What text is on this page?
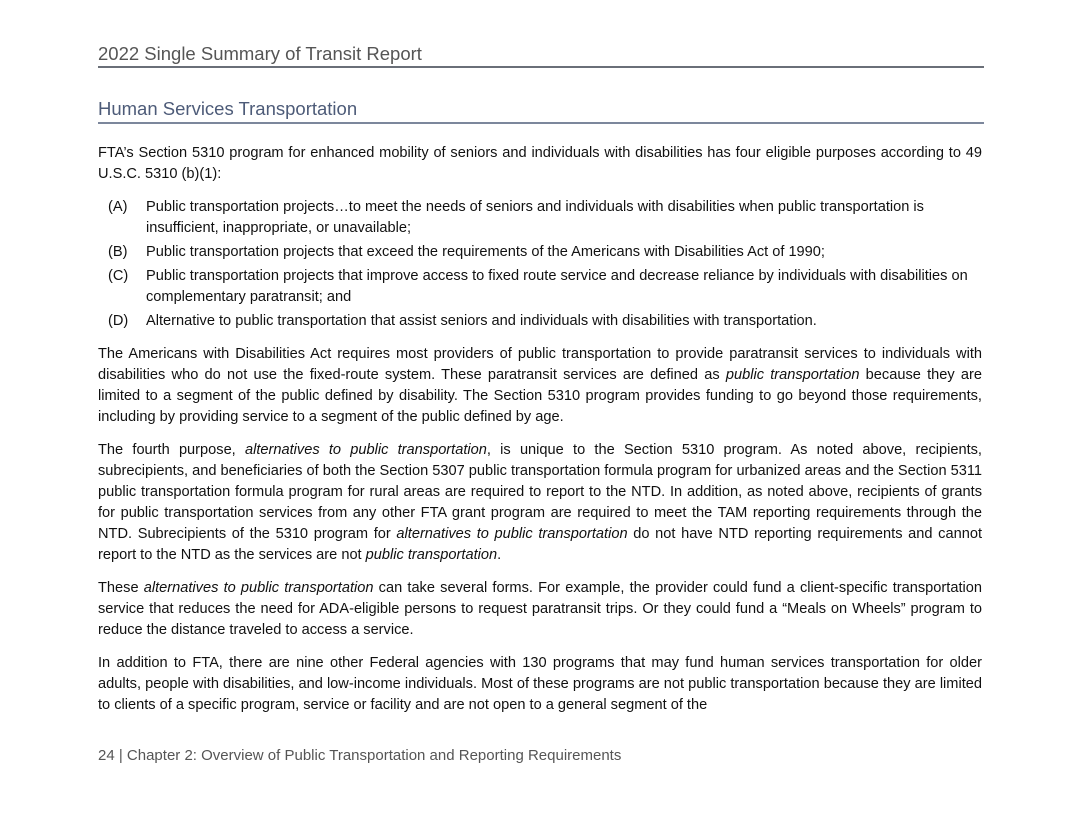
2022 Single Summary of Transit Report
Human Services Transportation

FTA’s Section 5310 program for enhanced mobility of seniors and individuals with disabilities has four eligible purposes according to 49 U.S.C. 5310 (b)(1):

(A)	Public transportation projects…to meet the needs of seniors and individuals with disabilities when public transportation is insufficient, inappropriate, or unavailable;
(B)	Public transportation projects that exceed the requirements of the Americans with Disabilities Act of 1990;
(C)	Public transportation projects that improve access to fixed route service and decrease reliance by individuals with disabilities on complementary paratransit; and
(D)	Alternative to public transportation that assist seniors and individuals with disabilities with transportation.

The Americans with Disabilities Act requires most providers of public transportation to provide paratransit services to individuals with disabilities who do not use the fixed-route system. These paratransit services are defined as public transportation because they are limited to a segment of the public defined by disability. The Section 5310 program provides funding to go beyond those requirements, including by providing service to a segment of the public defined by age.

The fourth purpose, alternatives to public transportation, is unique to the Section 5310 program. As noted above, recipients, subrecipients, and beneficiaries of both the Section 5307 public transportation formula program for urbanized areas and the Section 5311 public transportation formula program for rural areas are required to report to the NTD. In addition, as noted above, recipients of grants for public transportation services from any other FTA grant program are required to meet the TAM reporting requirements through the NTD. Subrecipients of the 5310 program for alternatives to public transportation do not have NTD reporting requirements and cannot report to the NTD as the services are not public transportation.

These alternatives to public transportation can take several forms. For example, the provider could fund a client-specific transportation service that reduces the need for ADA-eligible persons to request paratransit trips. Or they could fund a “Meals on Wheels” program to reduce the distance traveled to access a service.

In addition to FTA, there are nine other Federal agencies with 130 programs that may fund human services transportation for older adults, people with disabilities, and low-income individuals. Most of these programs are not public transportation because they are limited to clients of a specific program, service or facility and are not open to a general segment of the

24 | Chapter 2: Overview of Public Transportation and Reporting Requirements
